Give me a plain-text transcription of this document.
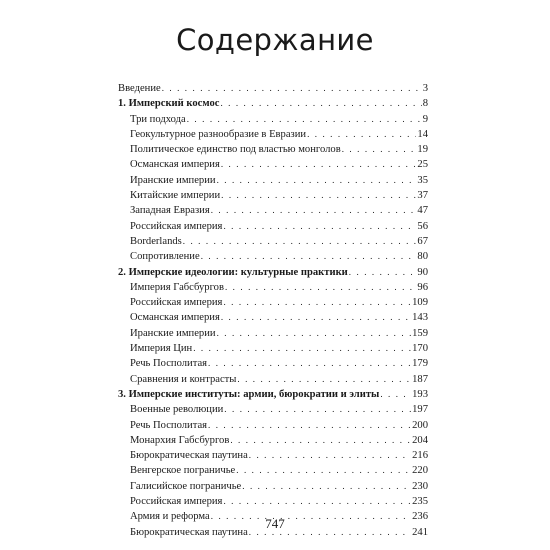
Содержание
Введение . . .	3
1. Имперский космос . . .	8
Три подхода . . .	9
Геокультурное разнообразие в Евразии . . .	14
Политическое единство под властью монголов . . .	19
Османская империя . . .	25
Иранские империи . . .	35
Китайские империи . . .	37
Западная Евразия . . .	47
Российская империя . . .	56
Borderlands . . .	67
Сопротивление . . .	80
2. Имперские идеологии: культурные практики . . .	90
Империя Габсбургов . . .	96
Российская империя . . .	109
Османская империя . . .	143
Иранские империи . . .	159
Империя Цин . . .	170
Речь Посполитая . . .	179
Сравнения и контрасты . . .	187
3. Имперские институты: армии, бюрократии и элиты . . .	193
Военные революции . . .	197
Речь Посполитая . . .	200
Монархия Габсбургов . . .	204
Бюрократическая паутина . . .	216
Венгерское пограничье . . .	220
Галисийское пограничье . . .	230
Российская империя . . .	235
Армия и реформа . . .	236
Бюрократическая паутина . . .	241
747
